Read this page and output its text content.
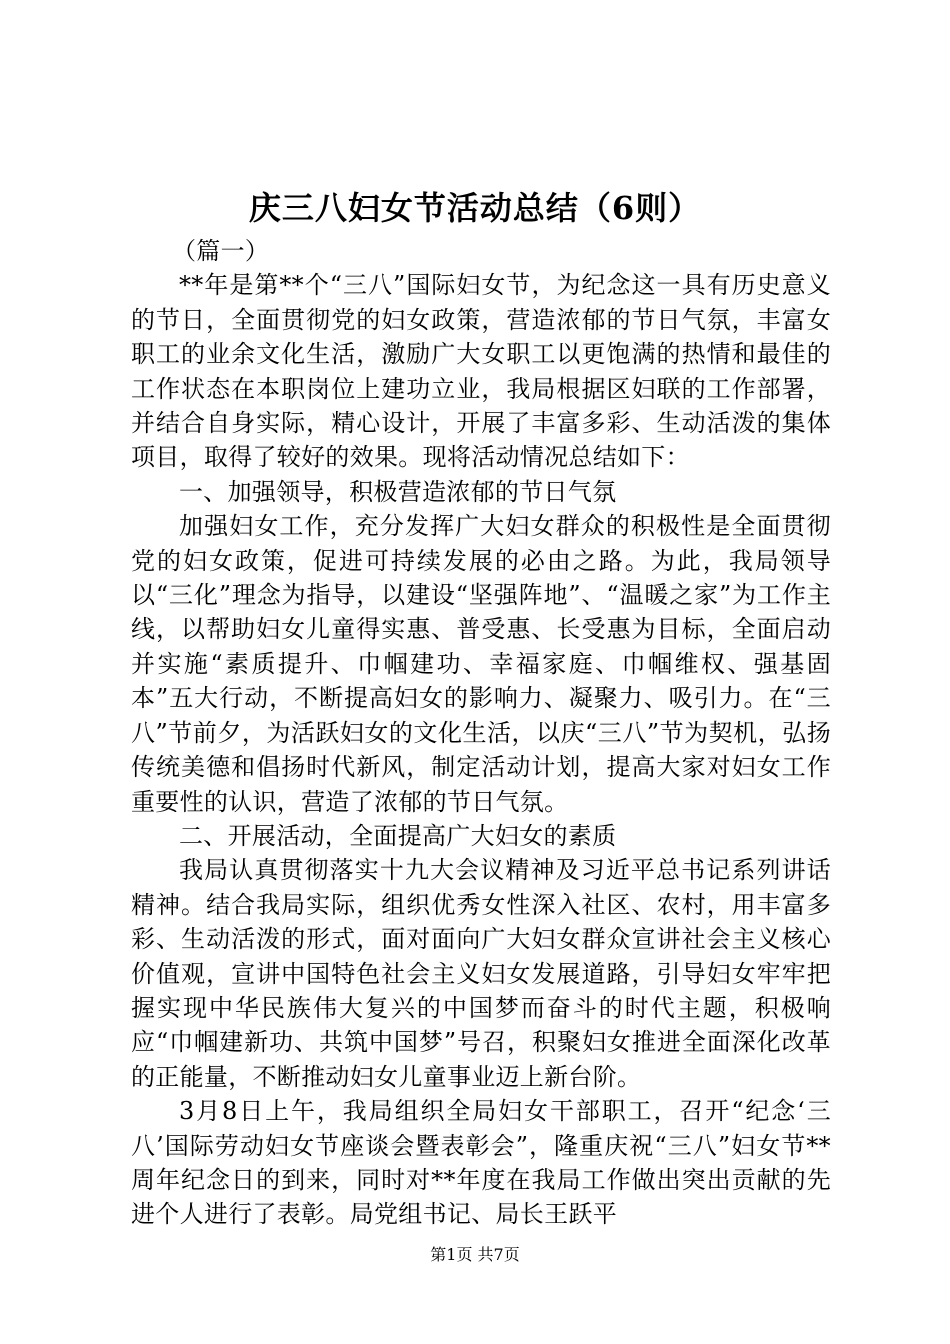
庆三八妇女节活动总结（6则）

（篇一）

**年是第**个“三八”国际妇女节，为纪念这一具有历史意义的节日，全面贯彻党的妇女政策，营造浓郁的节日气氛，丰富女职工的业余文化生活，激励广大女职工以更饱满的热情和最佳的工作状态在本职岗位上建功立业，我局根据区妇联的工作部署，并结合自身实际，精心设计，开展了丰富多彩、生动活泼的集体项目，取得了较好的效果。现将活动情况总结如下：

一、加强领导，积极营造浓郁的节日气氛

加强妇女工作，充分发挥广大妇女群众的积极性是全面贯彻党的妇女政策，促进可持续发展的必由之路。为此，我局领导以“三化”理念为指导，以建设“坚强阵地”、“温暖之家”为工作主线，以帮助妇女儿童得实惠、普受惠、长受惠为目标，全面启动并实施“素质提升、巾帼建功、幸福家庭、巾帼维权、强基固本”五大行动，不断提高妇女的影响力、凝聚力、吸引力。在“三八”节前夕，为活跃妇女的文化生活，以庆“三八”节为契机，弘扬传统美德和倡扬时代新风，制定活动计划，提高大家对妇女工作重要性的认识，营造了浓郁的节日气氛。

二、开展活动，全面提高广大妇女的素质

我局认真贯彻落实十九大会议精神及习近平总书记系列讲话精神。结合我局实际，组织优秀女性深入社区、农村，用丰富多彩、生动活泼的形式，面对面向广大妇女群众宣讲社会主义核心价值观，宣讲中国特色社会主义妇女发展道路，引导妇女牢牢把握实现中华民族伟大复兴的中国梦而奋斗的时代主题，积极响应“巾帼建新功、共筑中国梦”号召，积聚妇女推进全面深化改革的正能量，不断推动妇女儿童事业迈上新台阶。

3月8日上午，我局组织全局妇女干部职工，召开“纪念‘三八’国际劳动妇女节座谈会暨表彰会”，隆重庆祝“三八”妇女节**周年纪念日的到来，同时对**年度在我局工作做出突出贡献的先进个人进行了表彰。局党组书记、局长王跃平

第1页 共7页
